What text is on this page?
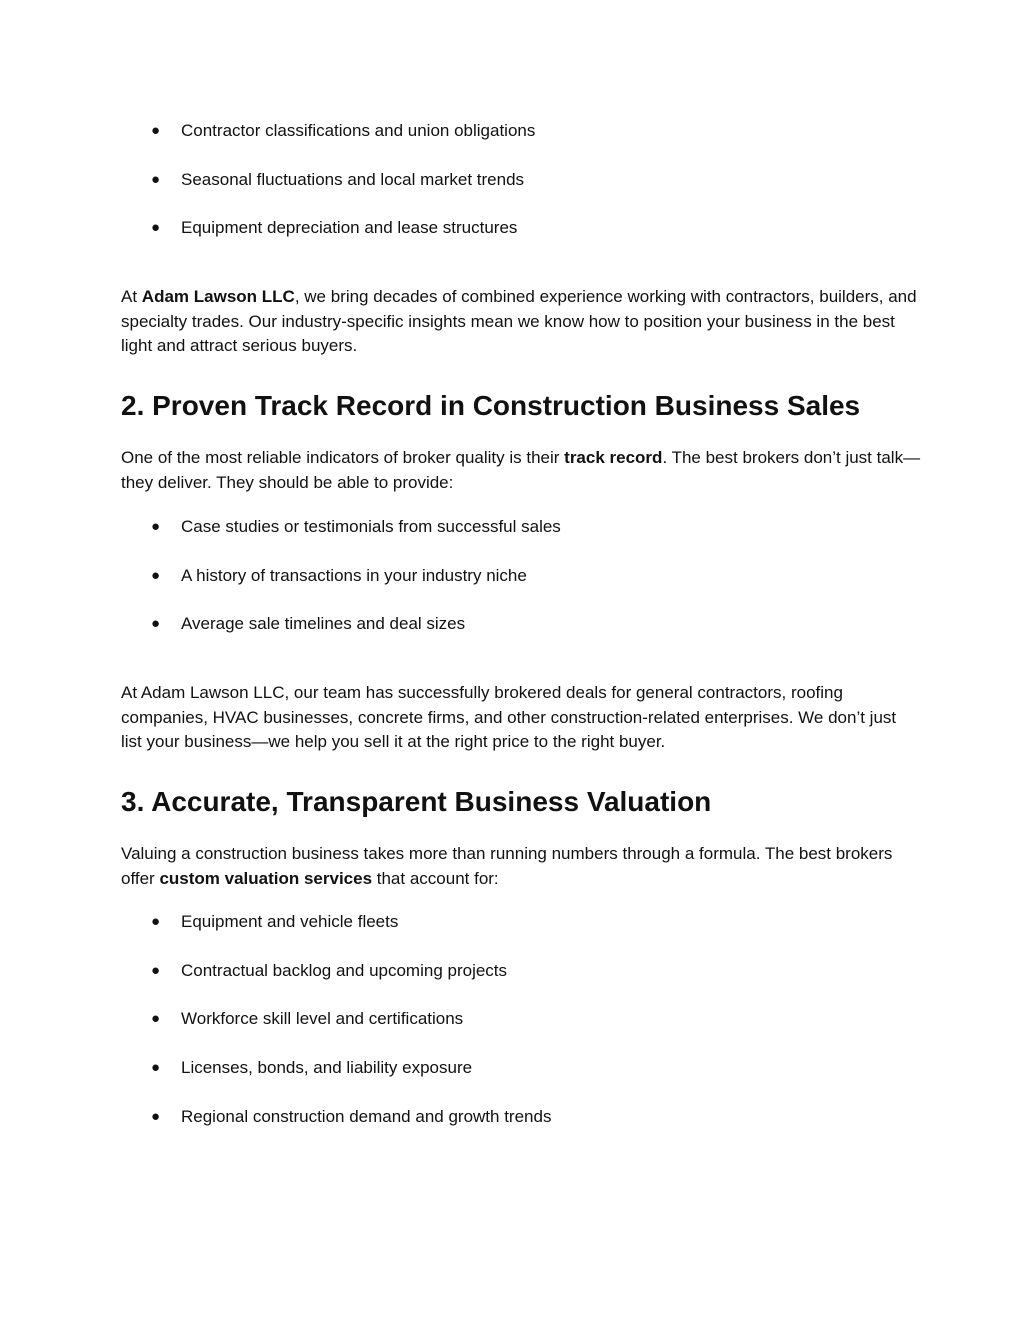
● Contractor classifications and union obligations
● Seasonal fluctuations and local market trends
● Equipment depreciation and lease structures

At Adam Lawson LLC, we bring decades of combined experience working with contractors, builders, and specialty trades. Our industry-specific insights mean we know how to position your business in the best light and attract serious buyers.

2. Proven Track Record in Construction Business Sales

One of the most reliable indicators of broker quality is their track record. The best brokers don’t just talk—they deliver. They should be able to provide:

● Case studies or testimonials from successful sales
● A history of transactions in your industry niche
● Average sale timelines and deal sizes

At Adam Lawson LLC, our team has successfully brokered deals for general contractors, roofing companies, HVAC businesses, concrete firms, and other construction-related enterprises. We don’t just list your business—we help you sell it at the right price to the right buyer.

3. Accurate, Transparent Business Valuation

Valuing a construction business takes more than running numbers through a formula. The best brokers offer custom valuation services that account for:

● Equipment and vehicle fleets
● Contractual backlog and upcoming projects
● Workforce skill level and certifications
● Licenses, bonds, and liability exposure
● Regional construction demand and growth trends
